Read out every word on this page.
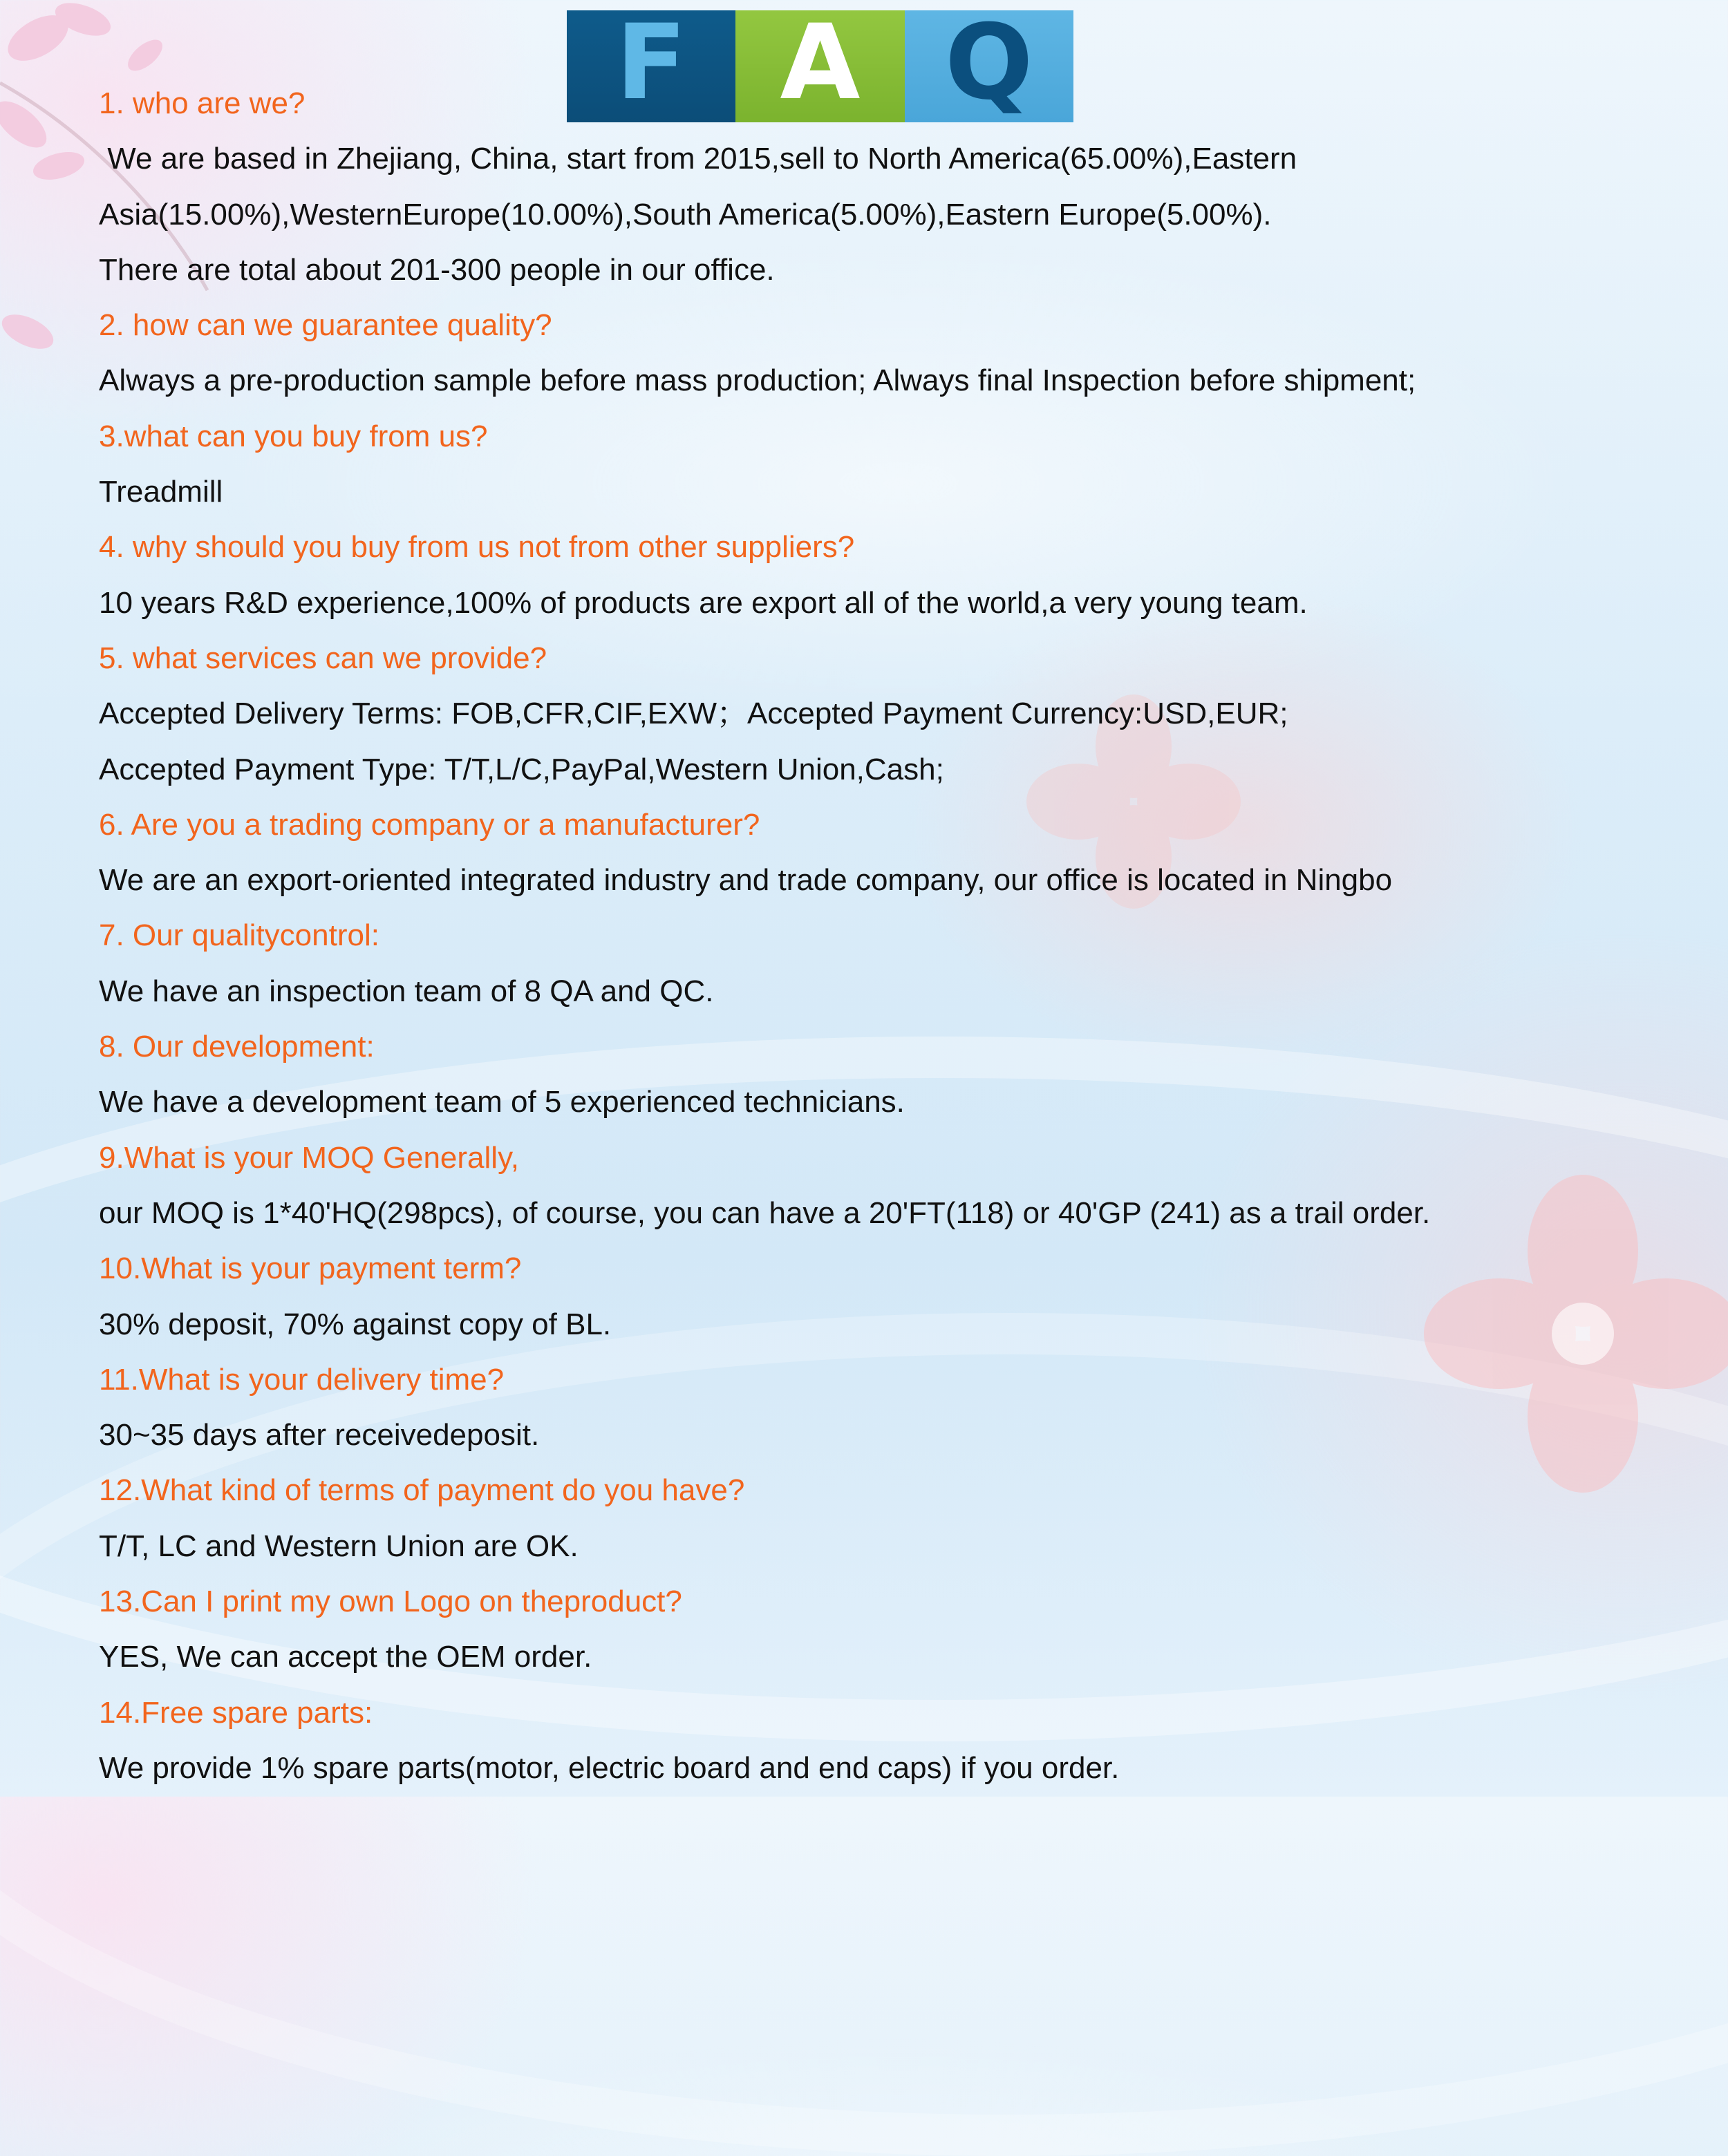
F A Q
1. who are we?
We are based in Zhejiang, China, start from 2015,sell to North America(65.00%),Eastern
Asia(15.00%),WesternEurope(10.00%),South America(5.00%),Eastern Europe(5.00%).
There are total about 201-300 people in our office.
2. how can we guarantee quality?
Always a pre-production sample before mass production; Always final Inspection before shipment;
3.what can you buy from us?
Treadmill
4. why should you buy from us not from other suppliers?
10 years R&D experience,100% of products are export all of the world,a very young team.
5. what services can we provide?
Accepted Delivery Terms: FOB,CFR,CIF,EXW；Accepted Payment Currency:USD,EUR;
Accepted Payment Type: T/T,L/C,PayPal,Western Union,Cash;
6. Are you a trading company or a manufacturer?
We are an export-oriented integrated industry and trade company, our office is located in Ningbo
7. Our qualitycontrol:
We have an inspection team of 8 QA and QC.
8. Our development:
We have a development team of 5 experienced technicians.
9.What is your MOQ Generally,
our MOQ is 1*40'HQ(298pcs), of course, you can have a 20'FT(118) or 40'GP (241) as a trail order.
10.What is your payment term?
30% deposit, 70% against copy of BL.
11.What is your delivery time?
30~35 days after receivedeposit.
12.What kind of terms of payment do you have?
T/T, LC and Western Union are OK.
13.Can I print my own Logo on theproduct?
YES, We can accept the OEM order.
14.Free spare parts:
We provide 1% spare parts(motor, electric board and end caps) if you order.
